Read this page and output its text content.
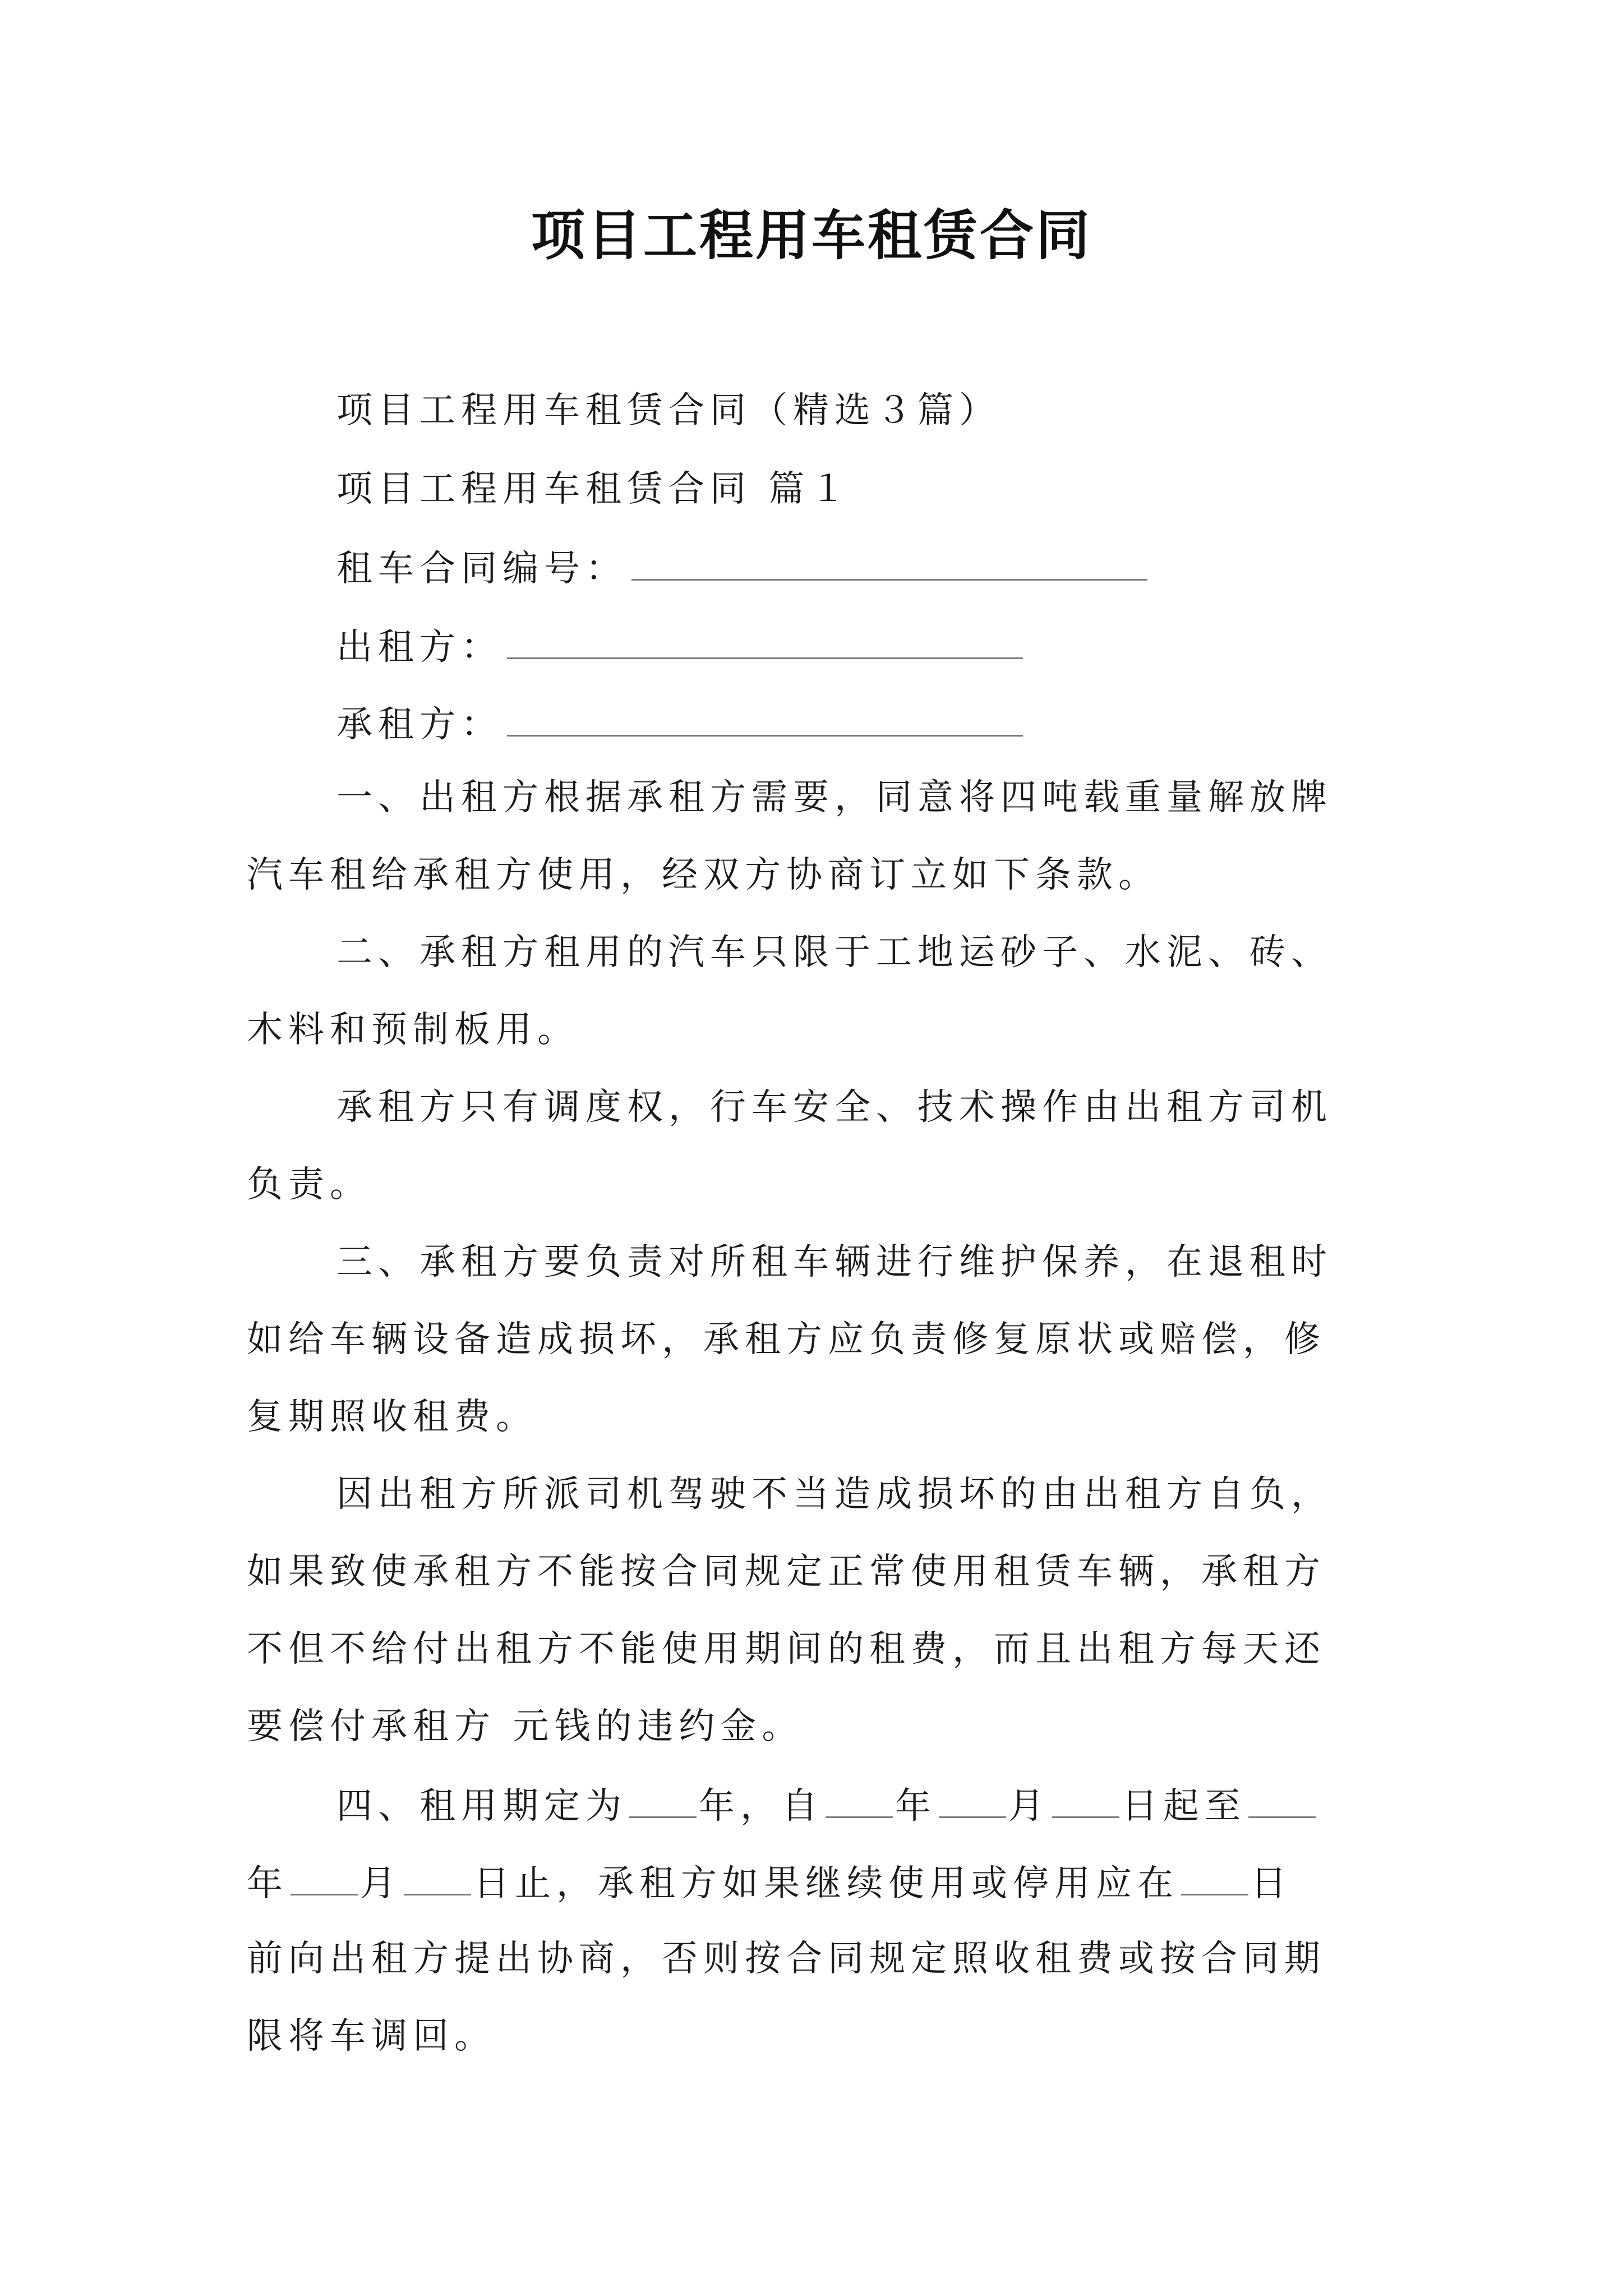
项目工程用车租赁合同
项目工程用车租赁合同（精选３篇）
项目工程用车租赁合同 篇１
租车合同编号：
出租方：
承租方：
一、出租方根据承租方需要，同意将四吨载重量解放牌
汽车租给承租方使用，经双方协商订立如下条款。
二、承租方租用的汽车只限于工地运砂子、水泥、砖、
木料和预制板用。
承租方只有调度权，行车安全、技术操作由出租方司机
负责。
三、承租方要负责对所租车辆进行维护保养，在退租时
如给车辆设备造成损坏，承租方应负责修复原状或赔偿，修
复期照收租费。
因出租方所派司机驾驶不当造成损坏的由出租方自负，
如果致使承租方不能按合同规定正常使用租赁车辆，承租方
不但不给付出租方不能使用期间的租费，而且出租方每天还
要偿付承租方 元钱的违约金。
四、租用期定为 年，自 年 月 日起至
年 月 日止，承租方如果继续使用或停用应在 日
前向出租方提出协商，否则按合同规定照收租费或按合同期
限将车调回。
